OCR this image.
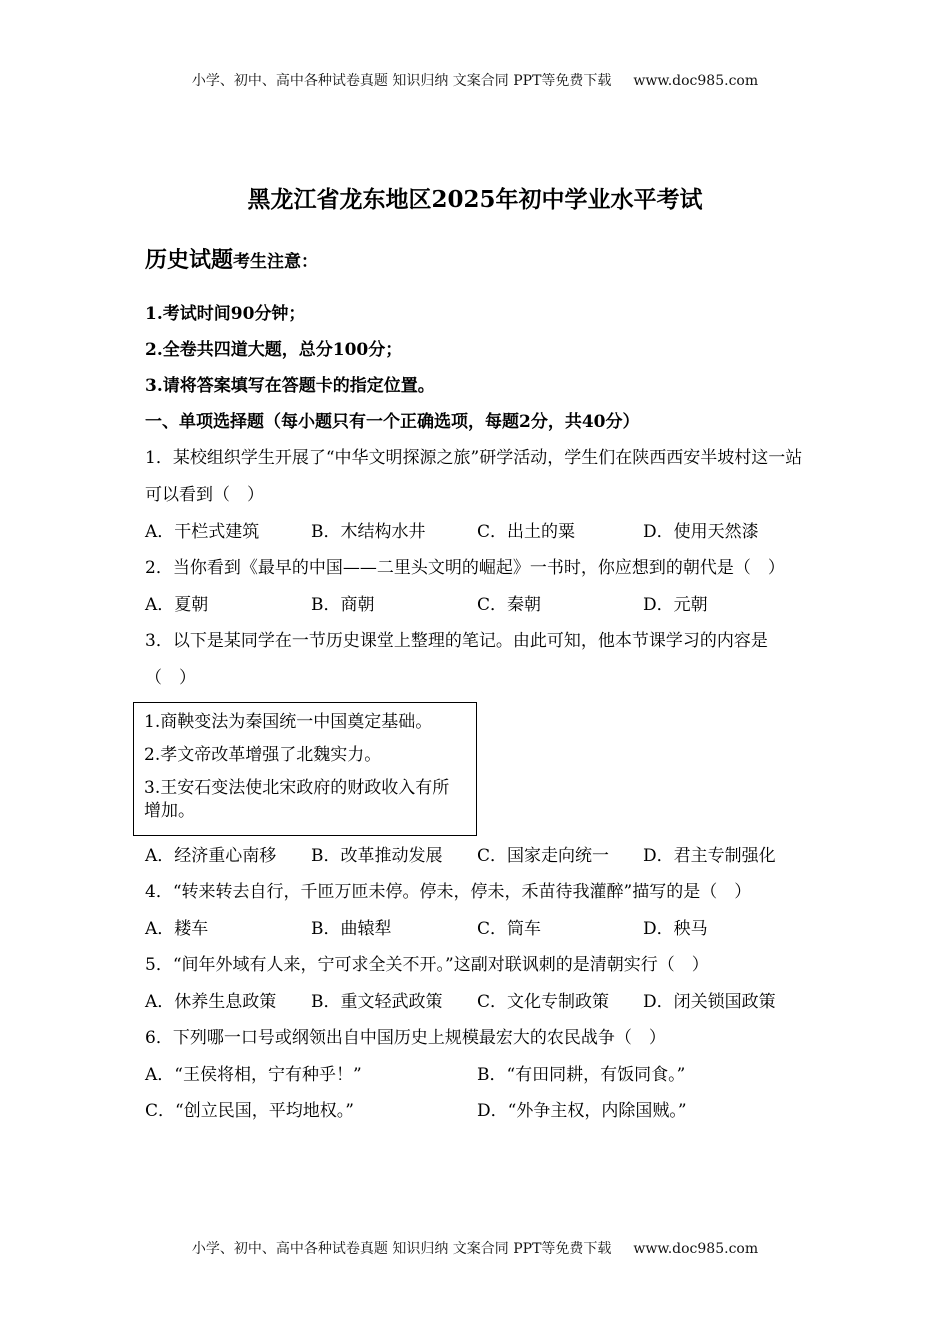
小学、初中、高中各种试卷真题 知识归纳 文案合同 PPT等免费下载 www.doc985.com
黑龙江省龙东地区2025年初中学业水平考试
历史试题考生注意：
1.考试时间90分钟；
2.全卷共四道大题，总分100分；
3.请将答案填写在答题卡的指定位置。
一、单项选择题（每小题只有一个正确选项，每题2分，共40分）
1．某校组织学生开展了“中华文明探源之旅”研学活动，学生们在陕西西安半坡村这一站可以看到（　）
A．干栏式建筑	B．木结构水井	C．出土的粟	D．使用天然漆
2．当你看到《最早的中国——二里头文明的崛起》一书时，你应想到的朝代是（　）
A．夏朝	B．商朝	C．秦朝	D．元朝
3．以下是某同学在一节历史课堂上整理的笔记。由此可知，他本节课学习的内容是（　）

1.商鞅变法为秦国统一中国奠定基础。

2.孝文帝改革增强了北魏实力。

3.王安石变法使北宋政府的财政收入有所增加。

A．经济重心南移	B．改革推动发展	C．国家走向统一	D．君主专制强化
4．“转来转去自行，千匝万匝未停。停未，停未，禾苗待我灌醉”描写的是（　）
A．耧车	B．曲辕犁	C．筒车	D．秧马
5．“间年外域有人来，宁可求全关不开。”这副对联讽刺的是清朝实行（　）
A．休养生息政策	B．重文轻武政策	C．文化专制政策	D．闭关锁国政策
6．下列哪一口号或纲领出自中国历史上规模最宏大的农民战争（　）
A．“王侯将相，宁有种乎！”	B．“有田同耕，有饭同食。”
C．“创立民国，平均地权。”	D．“外争主权，内除国贼。”
小学、初中、高中各种试卷真题 知识归纳 文案合同 PPT等免费下载 www.doc985.com
